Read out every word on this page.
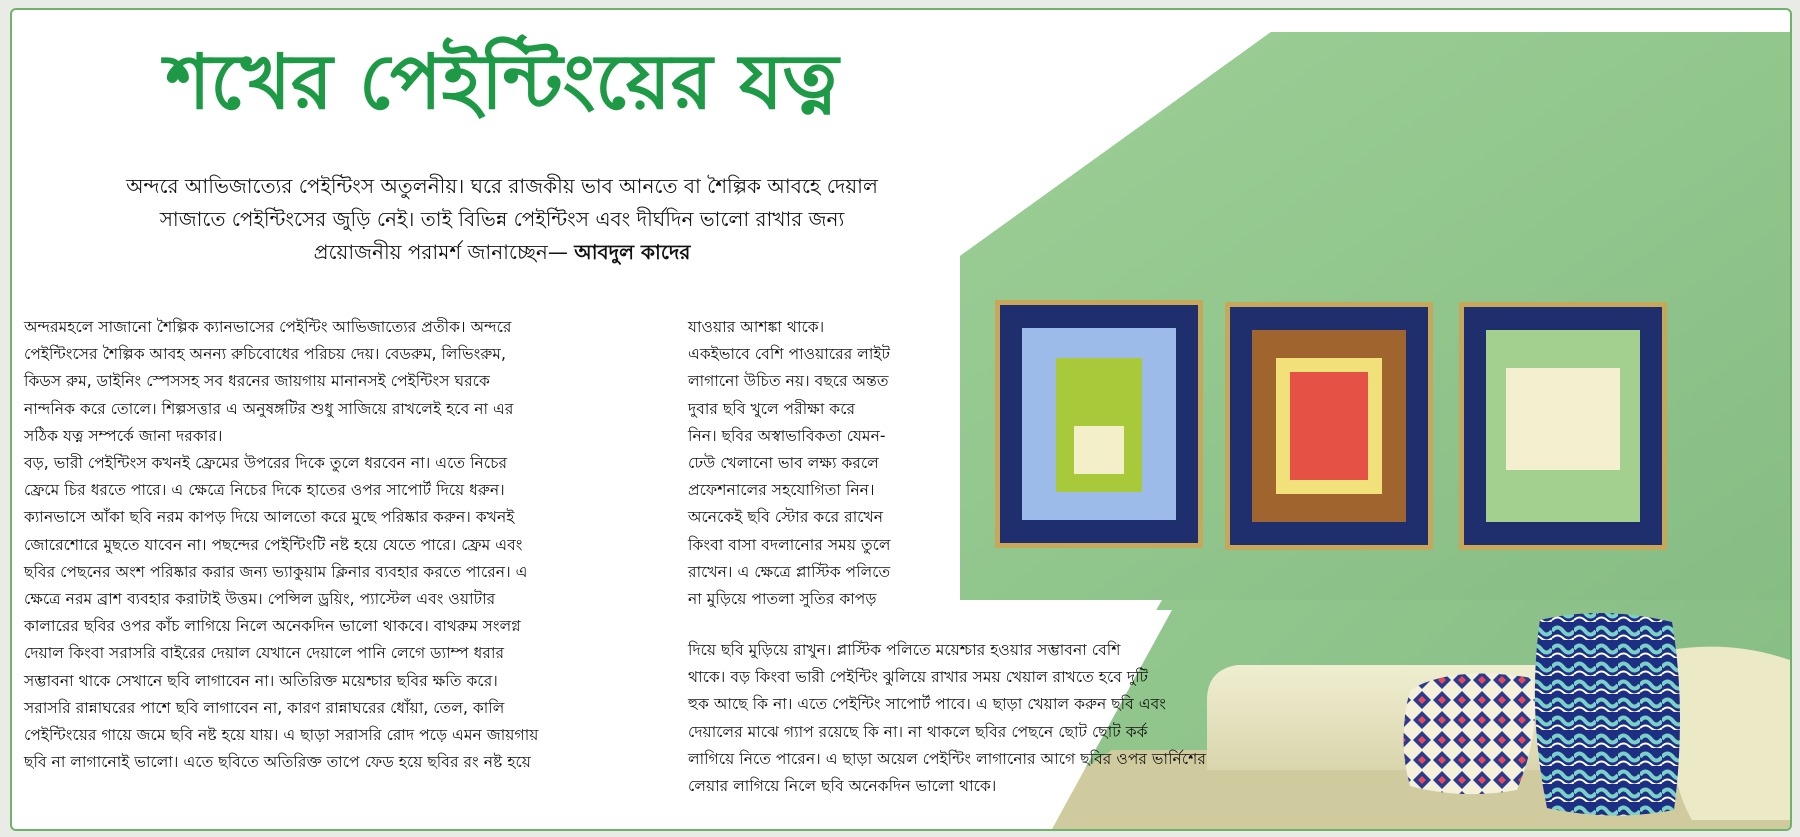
শখের পেইন্টিংয়ের যত্ন

অন্দরে আভিজাত্যের পেইন্টিংস অতুলনীয়। ঘরে রাজকীয় ভাব আনতে বা শৈল্পিক আবহে দেয়াল
সাজাতে পেইন্টিংসের জুড়ি নেই। তাই বিভিন্ন পেইন্টিংস এবং দীর্ঘদিন ভালো রাখার জন্য
প্রয়োজনীয় পরামর্শ জানাচ্ছেন— আবদুল কাদের

অন্দরমহলে সাজানো শৈল্পিক ক্যানভাসের পেইন্টিং আভিজাত্যের প্রতীক। অন্দরে
পেইন্টিংসের শৈল্পিক আবহ অনন্য রুচিবোধের পরিচয় দেয়। বেডরুম, লিভিংরুম,
কিডস রুম, ডাইনিং স্পেসসহ সব ধরনের জায়গায় মানানসই পেইন্টিংস ঘরকে
নান্দনিক করে তোলে। শিল্পসত্তার এ অনুষঙ্গটির শুধু সাজিয়ে রাখলেই হবে না এর
সঠিক যত্ন সম্পর্কে জানা দরকার।
বড়, ভারী পেইন্টিংস কখনই ফ্রেমের উপরের দিকে তুলে ধরবেন না। এতে নিচের
ফ্রেমে চির ধরতে পারে। এ ক্ষেত্রে নিচের দিকে হাতের ওপর সাপোর্ট দিয়ে ধরুন।
ক্যানভাসে আঁকা ছবি নরম কাপড় দিয়ে আলতো করে মুছে পরিষ্কার করুন। কখনই
জোরেশোরে মুছতে যাবেন না। পছন্দের পেইন্টিংটি নষ্ট হয়ে যেতে পারে। ফ্রেম এবং
ছবির পেছনের অংশ পরিষ্কার করার জন্য ভ্যাকুয়াম ক্লিনার ব্যবহার করতে পারেন। এ
ক্ষেত্রে নরম ব্রাশ ব্যবহার করাটাই উত্তম। পেন্সিল ড্রয়িং, প্যাস্টেল এবং ওয়াটার
কালারের ছবির ওপর কাঁচ লাগিয়ে নিলে অনেকদিন ভালো থাকবে। বাথরুম সংলগ্ন
দেয়াল কিংবা সরাসরি বাইরের দেয়াল যেখানে দেয়ালে পানি লেগে ড্যাম্প ধরার
সম্ভাবনা থাকে সেখানে ছবি লাগাবেন না। অতিরিক্ত ময়েশ্চার ছবির ক্ষতি করে।
সরাসরি রান্নাঘরের পাশে ছবি লাগাবেন না, কারণ রান্নাঘরের ধোঁয়া, তেল, কালি
পেইন্টিংয়ের গায়ে জমে ছবি নষ্ট হয়ে যায়। এ ছাড়া সরাসরি রোদ পড়ে এমন জায়গায়
ছবি না লাগানোই ভালো। এতে ছবিতে অতিরিক্ত তাপে ফেড হয়ে ছবির রং নষ্ট হয়ে

যাওয়ার আশঙ্কা থাকে।
একইভাবে বেশি পাওয়ারের লাইট
লাগানো উচিত নয়। বছরে অন্তত
দুবার ছবি খুলে পরীক্ষা করে
নিন। ছবির অস্বাভাবিকতা যেমন-
ঢেউ খেলানো ভাব লক্ষ্য করলে
প্রফেশনালের সহযোগিতা নিন।
অনেকেই ছবি স্টোর করে রাখেন
কিংবা বাসা বদলানোর সময় তুলে
রাখেন। এ ক্ষেত্রে প্লাস্টিক পলিতে
না মুড়িয়ে পাতলা সুতির কাপড়

দিয়ে ছবি মুড়িয়ে রাখুন। প্লাস্টিক পলিতে ময়েশ্চার হওয়ার সম্ভাবনা বেশি
থাকে। বড় কিংবা ভারী পেইন্টিং ঝুলিয়ে রাখার সময় খেয়াল রাখতে হবে দুটি
হুক আছে কি না। এতে পেইন্টিং সাপোর্ট পাবে। এ ছাড়া খেয়াল করুন ছবি এবং
দেয়ালের মাঝে গ্যাপ রয়েছে কি না। না থাকলে ছবির পেছনে ছোট ছোট কর্ক
লাগিয়ে নিতে পারেন। এ ছাড়া অয়েল পেইন্টিং লাগানোর আগে ছবির ওপর ভার্নিশের
লেয়ার লাগিয়ে নিলে ছবি অনেকদিন ভালো থাকে।
